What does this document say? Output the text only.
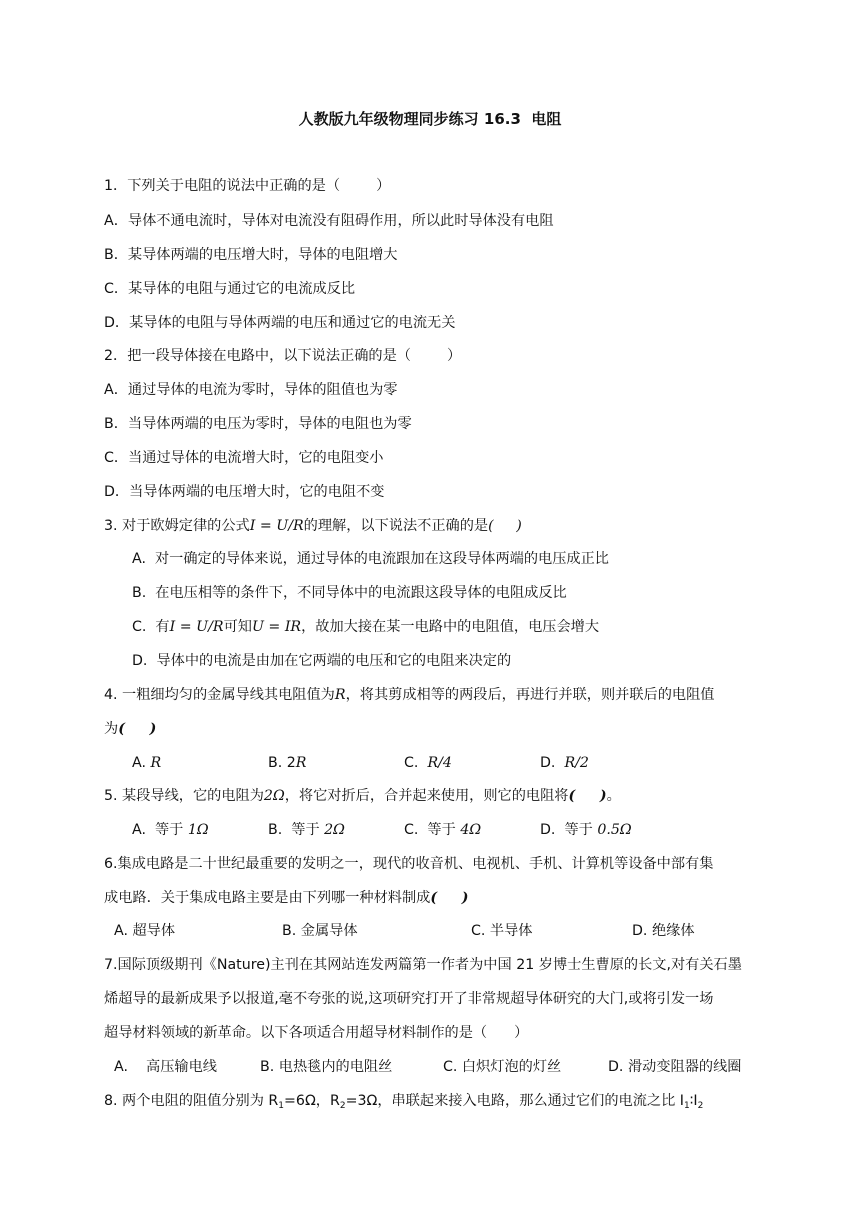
人教版九年级物理同步练习 16.3  电阻
1．下列关于电阻的说法中正确的是（        ）
A．导体不通电流时，导体对电流没有阻碍作用，所以此时导体没有电阻
B．某导体两端的电压增大时，导体的电阻增大
C．某导体的电阻与通过它的电流成反比
D．某导体的电阻与导体两端的电压和通过它的电流无关
2．把一段导体接在电路中，以下说法正确的是（        ）
A．通过导体的电流为零时，导体的阻值也为零
B．当导体两端的电压为零时，导体的电阻也为零
C．当通过导体的电流增大时，它的电阻变小
D．当导体两端的电压增大时，它的电阻不变
3. 对于欧姆定律的公式I = U/R的理解，以下说法不正确的是(     )
A.  对一确定的导体来说，通过导体的电流跟加在这段导体两端的电压成正比
B.  在电压相等的条件下，不同导体中的电流跟这段导体的电阻成反比
C.  有I = U/R可知U = IR，故加大接在某一电路中的电阻值，电压会增大
D.  导体中的电流是由加在它两端的电压和它的电阻来决定的
4. 一粗细均匀的金属导线其电阻值为R，将其剪成相等的两段后，再进行并联，则并联后的电阻值
为(     )
A. R	B. 2R	C.  R/4	D.  R/2
5. 某段导线，它的电阻为2Ω，将它对折后，合并起来使用，则它的电阻将(     )。
A.  等于 1Ω	B.  等于 2Ω	C.  等于 4Ω	D.  等于 0.5Ω
6.集成电路是二十世纪最重要的发明之一，现代的收音机、电视机、手机、计算机等设备中部有集
成电路．关于集成电路主要是由下列哪一种材料制成(     )
A. 超导体	B. 金属导体	C. 半导体	D. 绝缘体
7.国际顶级期刊《Nature)主刊在其网站连发两篇第一作者为中国 21 岁博士生曹原的长文,对有关石墨
烯超导的最新成果予以报道,毫不夸张的说,这项研究打开了非常规超导体研究的大门,或将引发一场
超导材料领域的新革命。以下各项适合用超导材料制作的是（      ）
A.    高压输电线	B. 电热毯内的电阻丝	C. 白炽灯泡的灯丝	D. 滑动变阻器的线圈
8. 两个电阻的阻值分别为 $R_1=6\Omega$，$R_2=3\Omega$，串联起来接入电路，那么通过它们的电流之比 $I_1∶I_2$
